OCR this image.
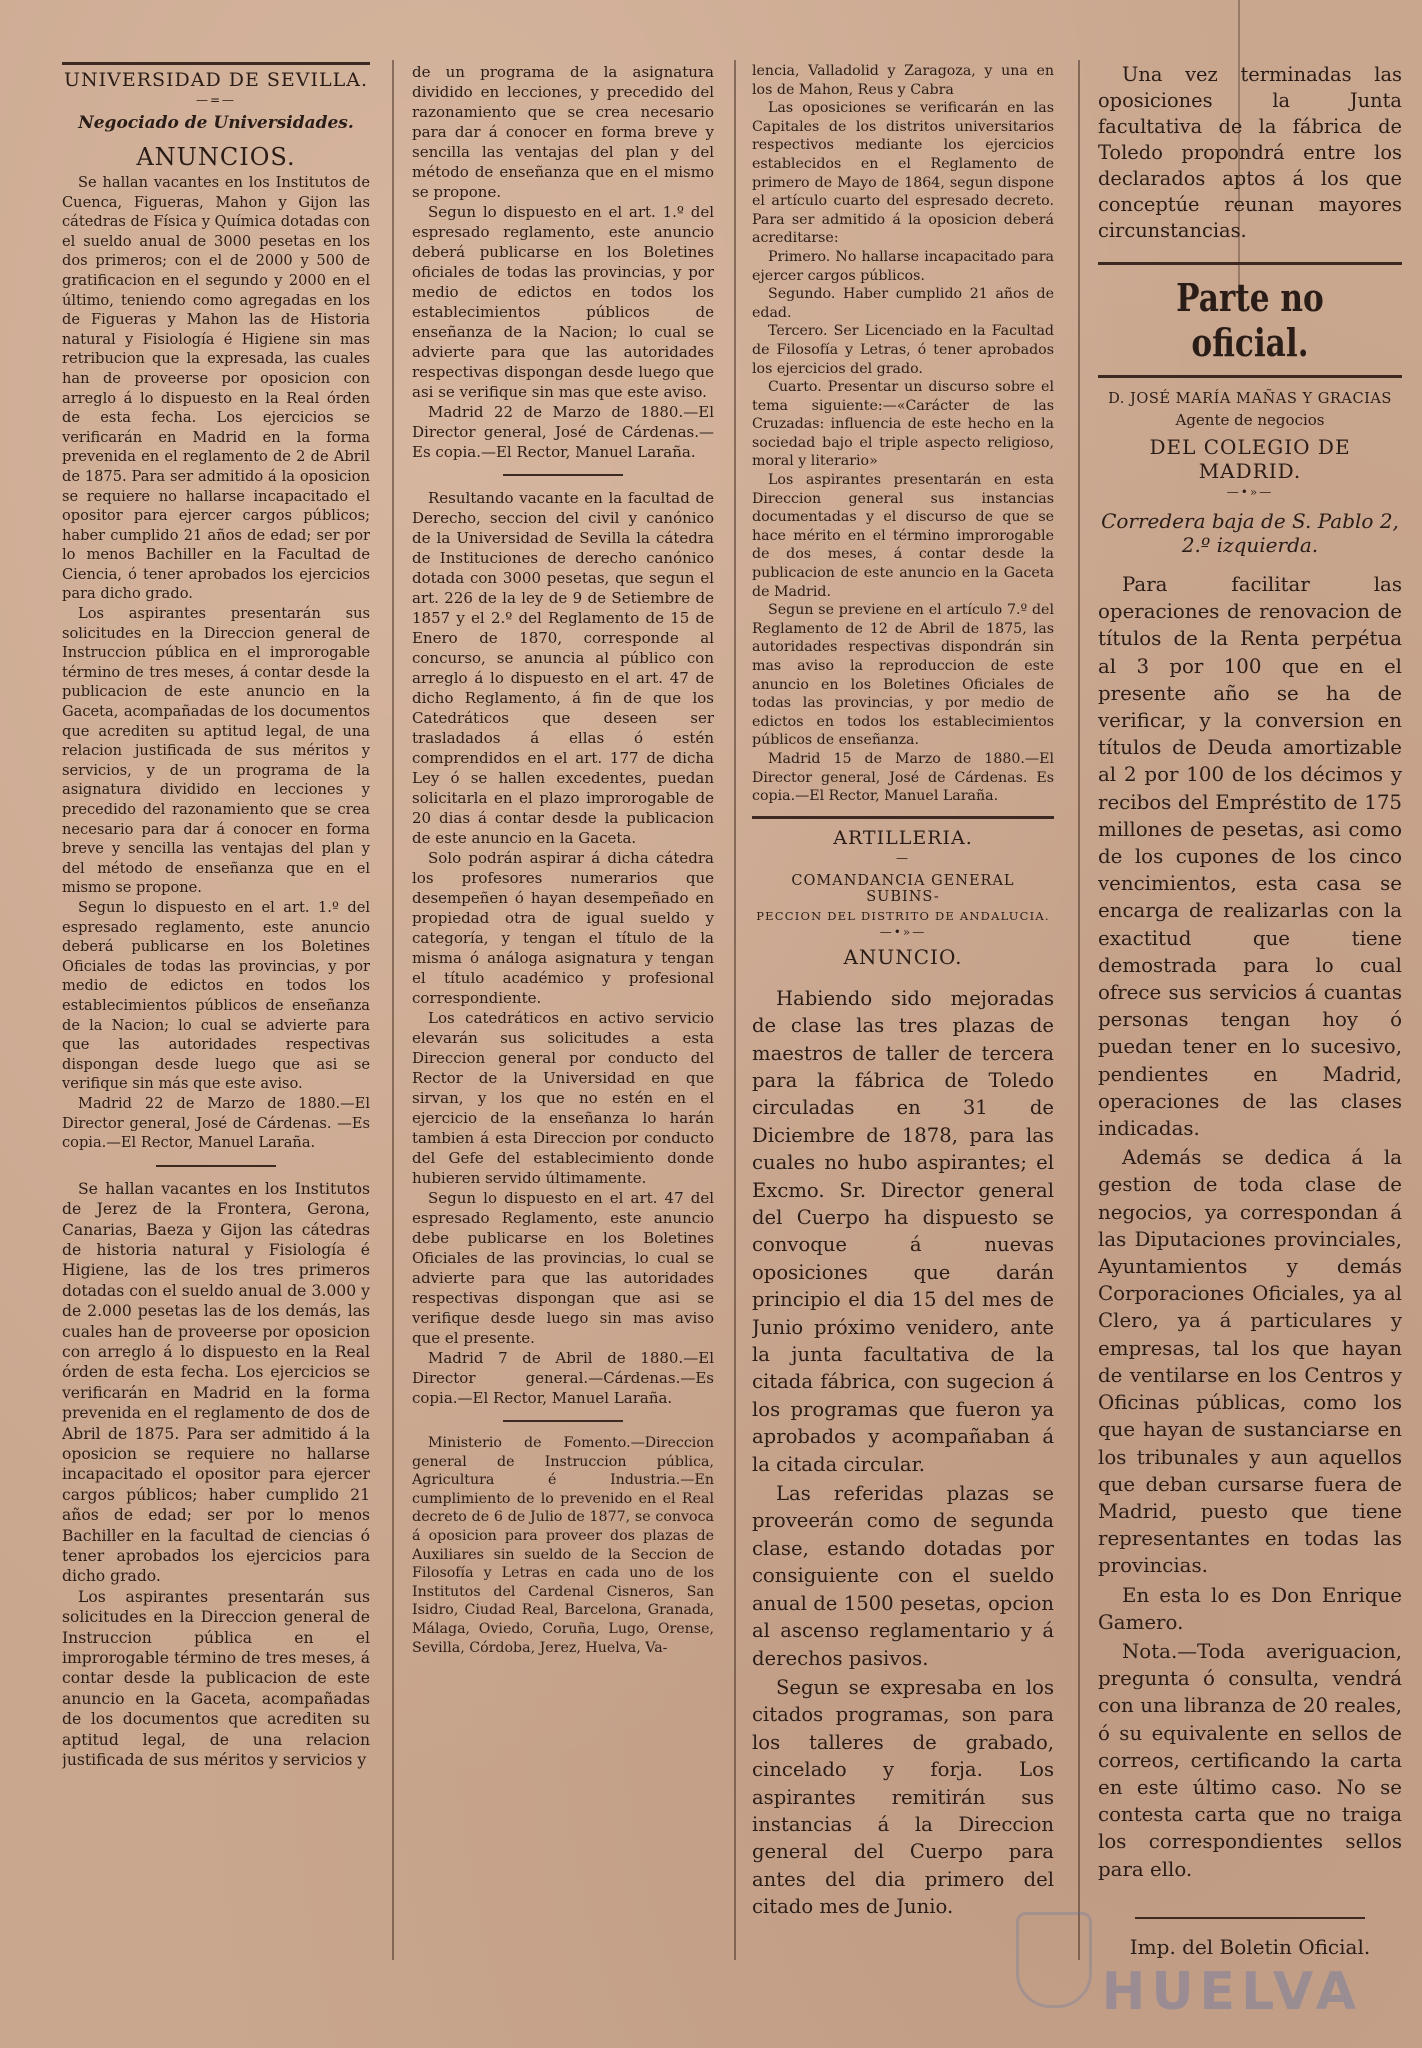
UNIVERSIDAD DE SEVILLA.
—=—
Negociado de Universidades.
ANUNCIOS.

Se hallan vacantes en los Institutos de Cuenca, Figueras, Mahon y Gijon las cátedras de Física y Química dotadas con el sueldo anual de 3000 pesetas en los dos primeros; con el de 2000 y 500 de gratificacion en el segundo y 2000 en el último, teniendo como agregadas en los de Figueras y Mahon las de Historia natural y Fisiología é Higiene sin mas retribucion que la expresada, las cuales han de proveerse por oposicion con arreglo á lo dispuesto en la Real órden de esta fecha. Los ejercicios se verificarán en Madrid en la forma prevenida en el reglamento de 2 de Abril de 1875. Para ser admitido á la oposicion se requiere no hallarse incapacitado el opositor para ejercer cargos públicos; haber cumplido 21 años de edad; ser por lo menos Bachiller en la Facultad de Ciencia, ó tener aprobados los ejercicios para dicho grado.

Los aspirantes presentarán sus solicitudes en la Direccion general de Instruccion pública en el improrogable término de tres meses, á contar desde la publicacion de este anuncio en la Gaceta, acompañadas de los documentos que acrediten su aptitud legal, de una relacion justificada de sus méritos y servicios, y de un programa de la asignatura dividido en lecciones y precedido del razonamiento que se crea necesario para dar á conocer en forma breve y sencilla las ventajas del plan y del método de enseñanza que en el mismo se propone.

Segun lo dispuesto en el art. 1.º del espresado reglamento, este anuncio deberá publicarse en los Boletines Oficiales de todas las provincias, y por medio de edictos en todos los establecimientos públicos de enseñanza de la Nacion; lo cual se advierte para que las autoridades respectivas dispongan desde luego que asi se verifique sin más que este aviso.

Madrid 22 de Marzo de 1880.—El Director general, José de Cárdenas. —Es copia.—El Rector, Manuel Laraña.

Se hallan vacantes en los Institutos de Jerez de la Frontera, Gerona, Canarias, Baeza y Gijon las cátedras de historia natural y Fisiología é Higiene, las de los tres primeros dotadas con el sueldo anual de 3.000 y de 2.000 pesetas las de los demás, las cuales han de proveerse por oposicion con arreglo á lo dispuesto en la Real órden de esta fecha. Los ejercicios se verificarán en Madrid en la forma prevenida en el reglamento de dos de Abril de 1875. Para ser admitido á la oposicion se requiere no hallarse incapacitado el opositor para ejercer cargos públicos; haber cumplido 21 años de edad; ser por lo menos Bachiller en la facultad de ciencias ó tener aprobados los ejercicios para dicho grado.

Los aspirantes presentarán sus solicitudes en la Direccion general de Instruccion pública en el improrogable término de tres meses, á contar desde la publicacion de este anuncio en la Gaceta, acompañadas de los documentos que acrediten su aptitud legal, de una relacion justificada de sus méritos y servicios y

de un programa de la asignatura dividido en lecciones, y precedido del razonamiento que se crea necesario para dar á conocer en forma breve y sencilla las ventajas del plan y del método de enseñanza que en el mismo se propone.

Segun lo dispuesto en el art. 1.º del espresado reglamento, este anuncio deberá publicarse en los Boletines oficiales de todas las provincias, y por medio de edictos en todos los establecimientos públicos de enseñanza de la Nacion; lo cual se advierte para que las autoridades respectivas dispongan desde luego que asi se verifique sin mas que este aviso.

Madrid 22 de Marzo de 1880.—El Director general, José de Cárdenas.—Es copia.—El Rector, Manuel Laraña.

Resultando vacante en la facultad de Derecho, seccion del civil y canónico de la Universidad de Sevilla la cátedra de Instituciones de derecho canónico dotada con 3000 pesetas, que segun el art. 226 de la ley de 9 de Setiembre de 1857 y el 2.º del Reglamento de 15 de Enero de 1870, corresponde al concurso, se anuncia al público con arreglo á lo dispuesto en el art. 47 de dicho Reglamento, á fin de que los Catedráticos que deseen ser trasladados á ellas ó estén comprendidos en el art. 177 de dicha Ley ó se hallen excedentes, puedan solicitarla en el plazo improrogable de 20 dias á contar desde la publicacion de este anuncio en la Gaceta.

Solo podrán aspirar á dicha cátedra los profesores numerarios que desempeñen ó hayan desempeñado en propiedad otra de igual sueldo y categoría, y tengan el título de la misma ó análoga asignatura y tengan el título académico y profesional correspondiente.

Los catedráticos en activo servicio elevarán sus solicitudes a esta Direccion general por conducto del Rector de la Universidad en que sirvan, y los que no estén en el ejercicio de la enseñanza lo harán tambien á esta Direccion por conducto del Gefe del establecimiento donde hubieren servido últimamente.

Segun lo dispuesto en el art. 47 del espresado Reglamento, este anuncio debe publicarse en los Boletines Oficiales de las provincias, lo cual se advierte para que las autoridades respectivas dispongan que asi se verifique desde luego sin mas aviso que el presente.

Madrid 7 de Abril de 1880.—El Director general.—Cárdenas.—Es copia.—El Rector, Manuel Laraña.

Ministerio de Fomento.—Direccion general de Instruccion pública, Agricultura é Industria.—En cumplimiento de lo prevenido en el Real decreto de 6 de Julio de 1877, se convoca á oposicion para proveer dos plazas de Auxiliares sin sueldo de la Seccion de Filosofía y Letras en cada uno de los Institutos del Cardenal Cisneros, San Isidro, Ciudad Real, Barcelona, Granada, Málaga, Oviedo, Coruña, Lugo, Orense, Sevilla, Córdoba, Jerez, Huelva, Va-

lencia, Valladolid y Zaragoza, y una en los de Mahon, Reus y Cabra

Las oposiciones se verificarán en las Capitales de los distritos universitarios respectivos mediante los ejercicios establecidos en el Reglamento de primero de Mayo de 1864, segun dispone el artículo cuarto del espresado decreto. Para ser admitido á la oposicion deberá acreditarse:

Primero. No hallarse incapacitado para ejercer cargos públicos.

Segundo. Haber cumplido 21 años de edad.

Tercero. Ser Licenciado en la Facultad de Filosofía y Letras, ó tener aprobados los ejercicios del grado.

Cuarto. Presentar un discurso sobre el tema siguiente:—«Carácter de las Cruzadas: influencia de este hecho en la sociedad bajo el triple aspecto religioso, moral y literario»

Los aspirantes presentarán en esta Direccion general sus instancias documentadas y el discurso de que se hace mérito en el término improrogable de dos meses, á contar desde la publicacion de este anuncio en la Gaceta de Madrid.

Segun se previene en el artículo 7.º del Reglamento de 12 de Abril de 1875, las autoridades respectivas dispondrán sin mas aviso la reproduccion de este anuncio en los Boletines Oficiales de todas las provincias, y por medio de edictos en todos los establecimientos públicos de enseñanza.

Madrid 15 de Marzo de 1880.—El Director general, José de Cárdenas. Es copia.—El Rector, Manuel Laraña.

ARTILLERIA.
—
COMANDANCIA GENERAL SUBINS-
PECCION DEL DISTRITO DE ANDALUCIA.
—•»—
ANUNCIO.

Habiendo sido mejoradas de clase las tres plazas de maestros de taller de tercera para la fábrica de Toledo circuladas en 31 de Diciembre de 1878, para las cuales no hubo aspirantes; el Excmo. Sr. Director general del Cuerpo ha dispuesto se convoque á nuevas oposiciones que darán principio el dia 15 del mes de Junio próximo venidero, ante la junta facultativa de la citada fábrica, con sugecion á los programas que fueron ya aprobados y acompañaban á la citada circular.

Las referidas plazas se proveerán como de segunda clase, estando dotadas por consiguiente con el sueldo anual de 1500 pesetas, opcion al ascenso reglamentario y á derechos pasivos.

Segun se expresaba en los citados programas, son para los talleres de grabado, cincelado y forja. Los aspirantes remitirán sus instancias á la Direccion general del Cuerpo para antes del dia primero del citado mes de Junio.

Una vez terminadas las oposiciones la Junta facultativa de la fábrica de Toledo propondrá entre los declarados aptos á los que conceptúe reunan mayores circunstancias.

Parte no oficial.
D. JOSÉ MARÍA MAÑAS Y GRACIAS
Agente de negocios
DEL COLEGIO DE MADRID.
—•»—
Corredera baja de S. Pablo 2,
2.º izquierda.

Para facilitar las operaciones de renovacion de títulos de la Renta perpétua al 3 por 100 que en el presente año se ha de verificar, y la conversion en títulos de Deuda amortizable al 2 por 100 de los décimos y recibos del Empréstito de 175 millones de pesetas, asi como de los cupones de los cinco vencimientos, esta casa se encarga de realizarlas con la exactitud que tiene demostrada para lo cual ofrece sus servicios á cuantas personas tengan hoy ó puedan tener en lo sucesivo, pendientes en Madrid, operaciones de las clases indicadas.

Además se dedica á la gestion de toda clase de negocios, ya correspondan á las Diputaciones provinciales, Ayuntamientos y demás Corporaciones Oficiales, ya al Clero, ya á particulares y empresas, tal los que hayan de ventilarse en los Centros y Oficinas públicas, como los que hayan de sustanciarse en los tribunales y aun aquellos que deban cursarse fuera de Madrid, puesto que tiene representantes en todas las provincias.

En esta lo es Don Enrique Gamero.

Nota.—Toda averiguacion, pregunta ó consulta, vendrá con una libranza de 20 reales, ó su equivalente en sellos de correos, certificando la carta en este último caso. No se contesta carta que no traiga los correspondientes sellos para ello.

Imp. del Boletin Oficial.
HUELVA
